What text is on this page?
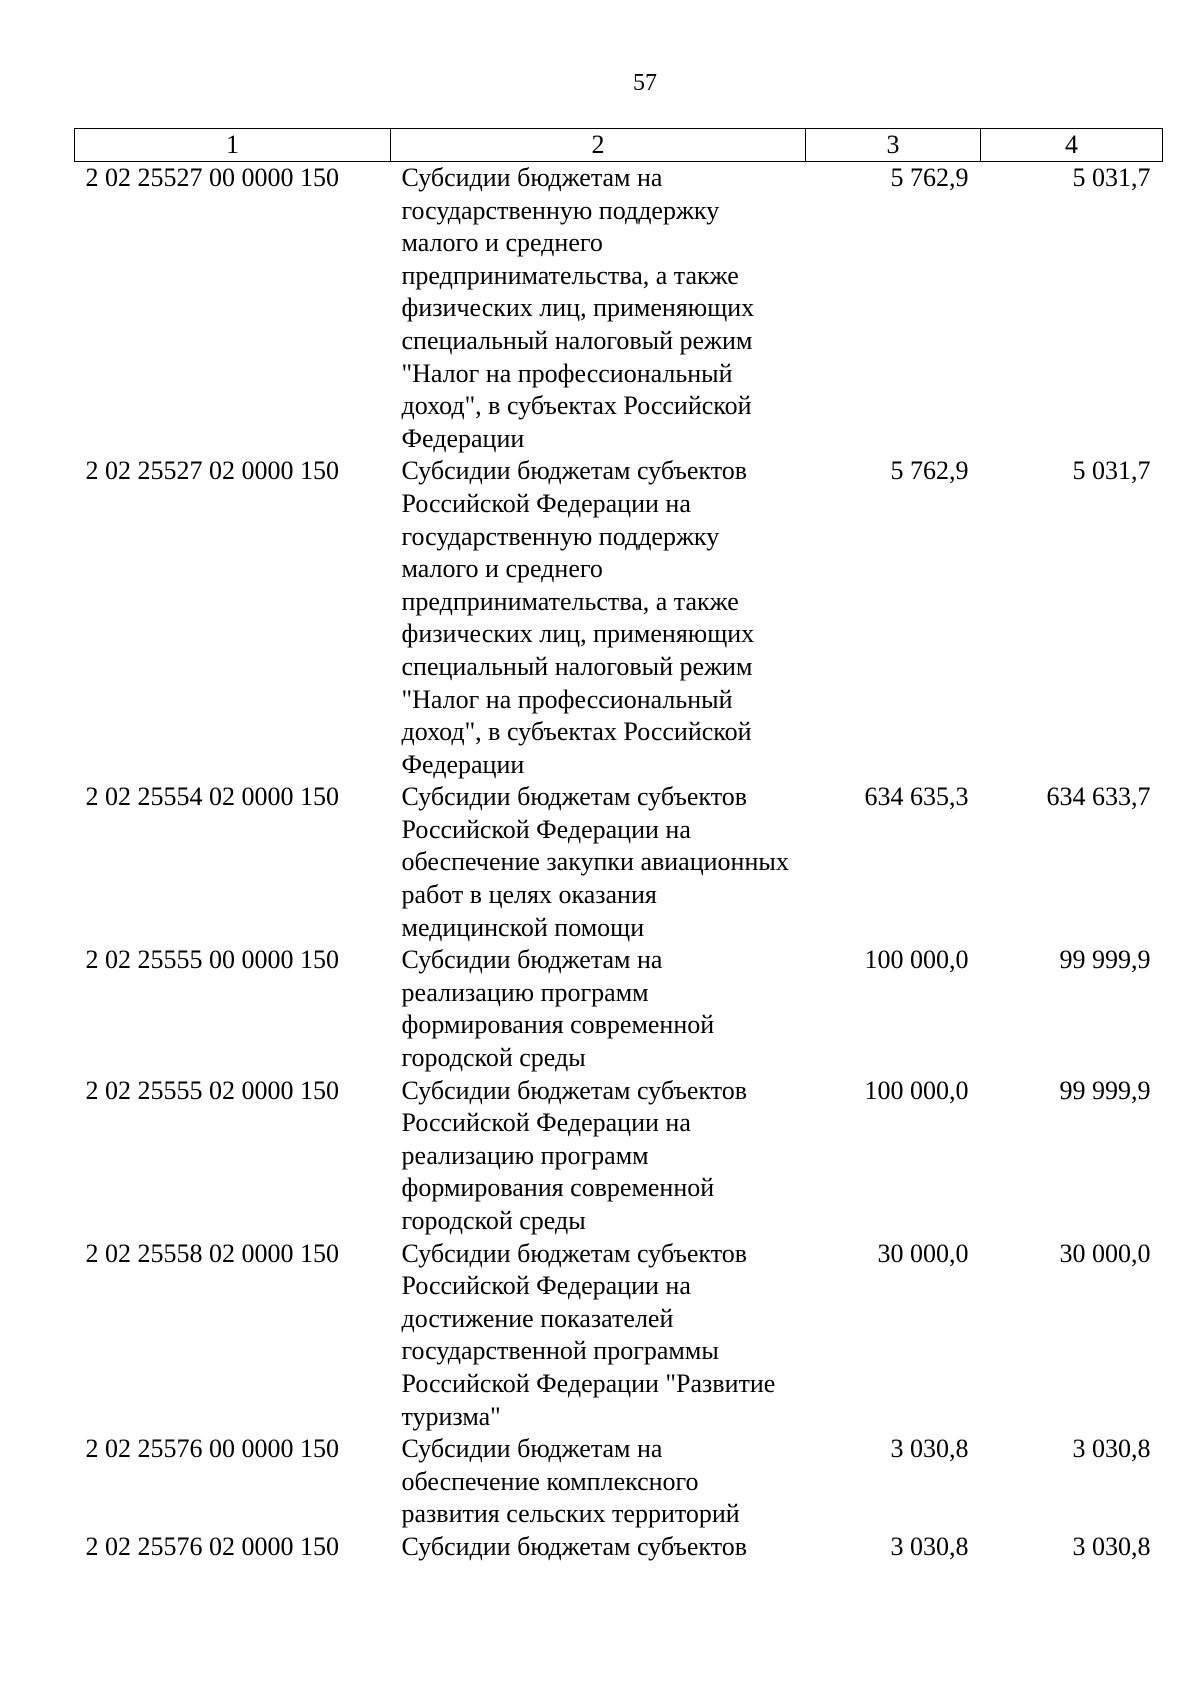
57
1	2	3	4
2 02 25527 00 0000 150	Субсидии бюджетам на государственную поддержку малого и среднего предпринимательства, а также физических лиц, применяющих специальный налоговый режим "Налог на профессиональный доход", в субъектах Российской Федерации	5 762,9	5 031,7
2 02 25527 02 0000 150	Субсидии бюджетам субъектов Российской Федерации на государственную поддержку малого и среднего предпринимательства, а также физических лиц, применяющих специальный налоговый режим "Налог на профессиональный доход", в субъектах Российской Федерации	5 762,9	5 031,7
2 02 25554 02 0000 150	Субсидии бюджетам субъектов Российской Федерации на обеспечение закупки авиационных работ в целях оказания медицинской помощи	634 635,3	634 633,7
2 02 25555 00 0000 150	Субсидии бюджетам на реализацию программ формирования современной городской среды	100 000,0	99 999,9
2 02 25555 02 0000 150	Субсидии бюджетам субъектов Российской Федерации на реализацию программ формирования современной городской среды	100 000,0	99 999,9
2 02 25558 02 0000 150	Субсидии бюджетам субъектов Российской Федерации на достижение показателей государственной программы Российской Федерации "Развитие туризма"	30 000,0	30 000,0
2 02 25576 00 0000 150	Субсидии бюджетам на обеспечение комплексного развития сельских территорий	3 030,8	3 030,8
2 02 25576 02 0000 150	Субсидии бюджетам субъектов	3 030,8	3 030,8
